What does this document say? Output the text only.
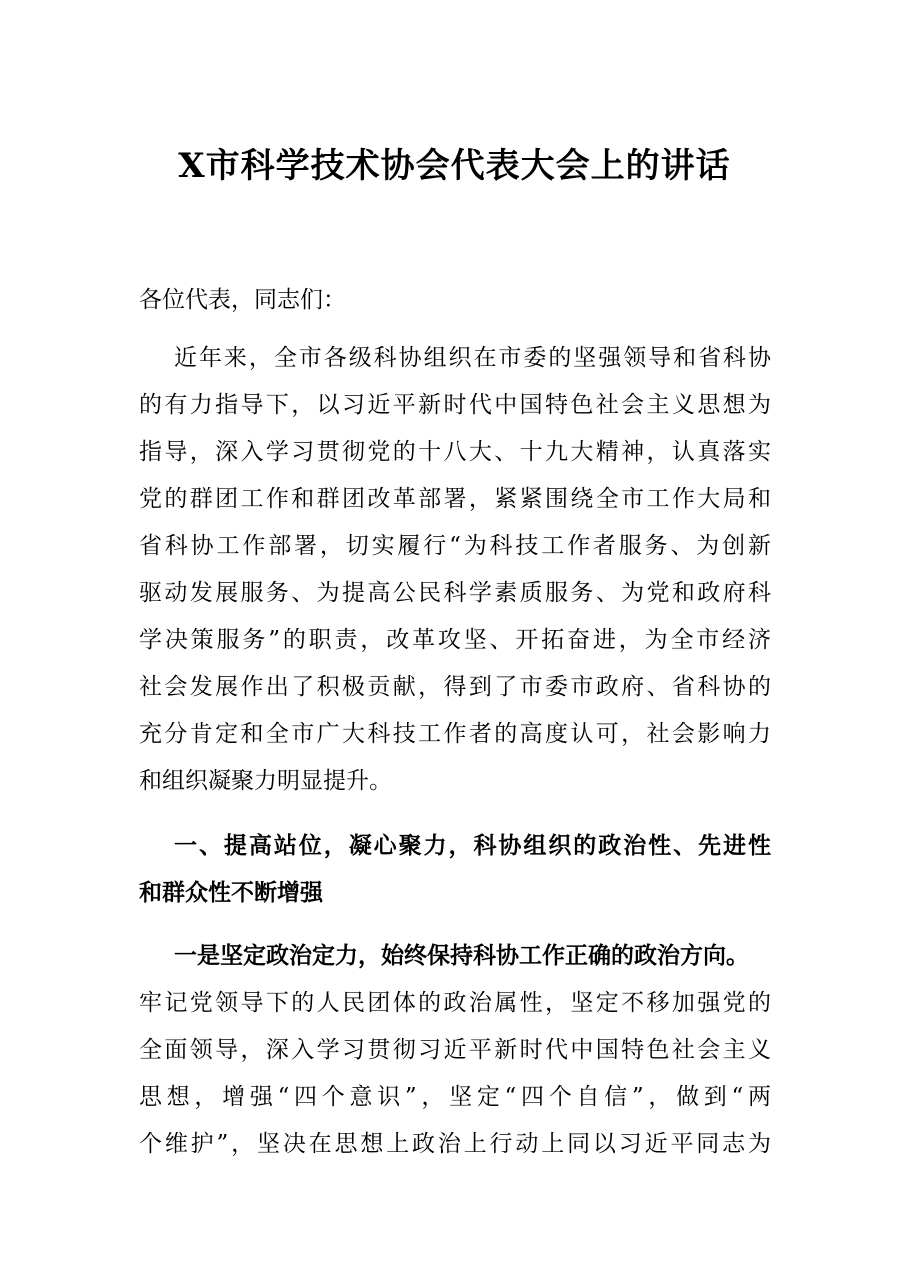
X市科学技术协会代表大会上的讲话

各位代表，同志们：

近年来，全市各级科协组织在市委的坚强领导和省科协

的有力指导下，以习近平新时代中国特色社会主义思想为

指导，深入学习贯彻党的十八大、十九大精神，认真落实

党的群团工作和群团改革部署，紧紧围绕全市工作大局和

省科协工作部署，切实履行“为科技工作者服务、为创新

驱动发展服务、为提高公民科学素质服务、为党和政府科

学决策服务”的职责，改革攻坚、开拓奋进，为全市经济

社会发展作出了积极贡献，得到了市委市政府、省科协的

充分肯定和全市广大科技工作者的高度认可，社会影响力

和组织凝聚力明显提升。

一、提高站位，凝心聚力，科协组织的政治性、先进性

和群众性不断增强

一是坚定政治定力，始终保持科协工作正确的政治方向。

牢记党领导下的人民团体的政治属性，坚定不移加强党的

全面领导，深入学习贯彻习近平新时代中国特色社会主义

思想，增强“四个意识”，坚定“四个自信”，做到“两

个维护”，坚决在思想上政治上行动上同以习近平同志为
